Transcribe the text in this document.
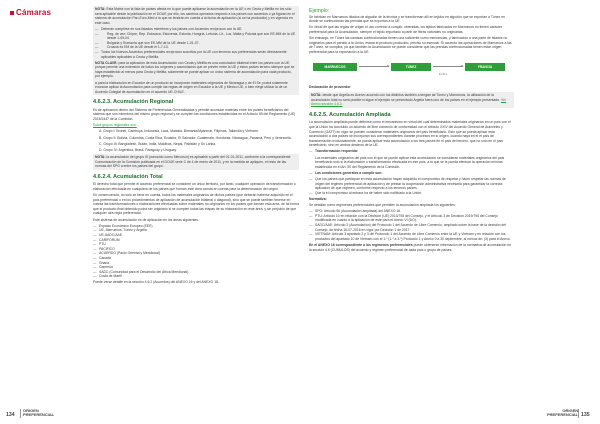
Cámaras	NOTA: Esta Matriz con la lista de países afecta en lo que puede aplicarse la acumulación en la UE o en Ceuta y Melilla en los sólo será aplicable desde la publicación en el DOUE por ello, los cambios operados respecto a los países con acuerdos o ya figuran en el sistema de acumulación Pan-Euro-Med a la que se tendrán en cuenta a la fecha de aplicación (si se ha producido) y en vigencia en este caso.

— Deberán cumplirse en sus listados miembros y los países con Acuerdos recíprocos con la UE.
— Reg. de vez: Chipre, Rep. Eslovaca, Eslovenia, Estonia, Hungría, Letonia, Lit., Lux, Malta y Polonia que son EE.MM de la UE desde 1-05-04.
— Bulgaria y Rumanía que son EE.MM de la UE desde 1-01-07.
— Croacia es EM de la UE desde el 1-7-13.
— Todos los Nuevos Acuerdos preferenciales recíprocos suscritos por la UE con terceros sus preferencias serán directamente aplicables aplicables a Ceuta y Melilla.

NOTA CLAVE: para la aplicación de esta Acumulación con Ceuta y Melilla es una cumulación bilateral entre los países con la UE, porque permite una extensión de todos los orígenes y acumulación que se prevén entre la UE y estos países tercero siempre que se haya establecido al menos para Ceuta y Melilla, solamente se puede aplicar un único sistema de acumulación para cada producto, por ejemplo.

a para la elaboración en Ecuador de un producto se incorporan materiales originarios de Nicaragua y de El Se, podrá solamente enunciar aplicar la Acumulación para cumplir las reglas de origen en Ecuador a la UE y México UE, o bien elegir utilizar la de un Acuerdo Colegial de acumulación en el acuerdo UE-CHILE.

4.6.2.3. Acumulación Regional

Es de aplicación dentro del Sistema de Preferencias Generalizadas y permite acumular materias entre los países beneficiarios del sistema que son miembros del mismo grupo regional y se cumplen las condiciones establecidas en el Artículo 55 del Reglamento (UE) 2015/2447 de la Comisión.

Estos grupos regionales son:

A. Grupo I: Brunei, Camboya, Indonesia, Laos, Malasia, Birmania/Myanmar, Filipinas, Tailandia y Vietnam.

B. Grupo II: Bolivia, Colombia, Costa Rica, Ecuador, El Salvador, Guatemala, Honduras, Nicaragua, Panamá, Perú y Venezuela.

C. Grupo III: Bangladesh, Bután, India, Maldivas, Nepal, Pakistán y Sri Lanka.

D. Grupo IV: Argentina, Brasil, Paraguay y Uruguay.

NOTA: la acumulación del grupo III (conocido como Mercosur) es aplicable a partir del 01-01-2011, conforme a la correspondiente Comunicación de la Comisión publicada en el DOUE serie C de 4 de enero de 2011, y en la medida se apliquen, el resto de las normas del SPG a entre los países del grupo.

4.6.2.4. Acumulación Total

El derecho total que permite el acuerdo preferencial se considere un único territorio, por tanto, cualquier operación de transformación o elaboración efectuada en cualquiera de los países que forman este área consta en cuenta para la determinación del origen.

En consecuencia, no solo se tiene en cuenta, todos los materiales originarios de dichos países (que deberán haberse adquirido en el país preferencial o en los procedimientos de aplicación de acumulación bilateral o diagonal), sino que se puede también tenerse en cuenta las transformaciones o elaboraciones efectuadas sobre materiales no originarios en los países que forman esta área, de tal forma que el producto final obtenido podrá ser originario si se cumplen todas las etapas de su elaboración en este área, y sin perjuicio de que cualquier otra regla preferencial.

Este sistema de acumulación es de aplicación en los áreas siguientes:

— Espacio Económico Europeo (EEE)
— UE, Marruecos, Túnez y Argelia
— UE-SADC/AAE
— CARIFORUM
— PTU
— PACIFICO
— ACUERDO (Pacto Oriental y Meridional)
— Canadá
— Ghana
— Camerún
— SADC (Comunidad para el Desarrollo del África Meridional)
— Costa de Marfil

Puede verse detalle en la sección 4.6.2 (Acuerdos) del ANEXO 16 y del ANEXO 18.

Ejemplo:

Se fabrican en Marruecos hilados de algodón de la técnica y se transforman allí en tejidos en algodón que se exportan a Túnez en donde se confeccionan las prendas que se exportan a la UE.

En virtud de que las reglas de origen el uso correcto a cumplir: obtenidas, los tejidos fabricados en Marruecos no tienen carácter preferencial para la Acumulación, siempre el tejido importado a partir de fibras naturales no originarias.

Sin embargo, en Túnez las camisas confeccionadas tienen una suficiente como mercancías, y fabricación a una parte de hilados no originarios para el partido a la Unión, estará el producto producido, preciso su esencial. Si acuerdo las operaciones de Marruecos a las de Túnez, se cumplirá, ya que también la Acumulación se puede considerar que las prendas confeccionadas tienen estar origen preferencial para la exportación a la UE.

MARRUECOS	TÚNEZ	FRANCIA
E-UR.1

Declaración de proveedor

NOTA: desde que Argelia es Acervo acuerdo con los distintos también a tengan tal Túnez y Marruecos, la utilización de la acumulación total no será posible si sigue el ejemplo se presentado Argelia fuera uno de los países en el ejemplo presentado. Ver Anexo sección 4.6.3.

4.6.2.5. Acumulación Ampliada

La acumulación ampliada puede definirse como el mecanismo en virtud del cual determinados materiales originarios en un país con el que la Unión ha concluido un acuerdo de libre comercio de conformidad con el artículo XXIV del Acuerdo General de Aranceles y Comercio (GATT) en vigor se pueden considerar materiales originarios del país beneficiario. Esto que se pueda aplicar esta acumulación a dos países se incorporan sus correspondientes durante procesos en sí origen, cuando haya en el el país de transformación exclusivamente, se pueda aplicar esta acumulación a los tres países en el país del tercero, que no solo en el país beneficiario, sino en ambos destinos de la UE.

— Transformación requerida:

Los materiales originarios del país con el que se puede aplicar esta acumulación se consideran materiales originarios del país beneficiario solo si la elaboración o transformación efectuada en ese país, a la que se le pueda efectuar la operación mínima establecida en el Art. 50 del Reglamento de la Comisión.

— Las condiciones generales a cumplir son:
— Que los países que participan en esta acumulación hayan adquirido el compromiso de respetar y hacer respetar las normas de origen del régimen preferencial de aplicación y de prestar la cooperación administrativa necesaria para garantizar la correcta aplicación de que régimen, conforme respecto a los terceros países.
— Que la el compromiso al entrara ha de haber sido notificado a la Unión.

Normativa:

Se detallan como regímenes preferenciales que permiten la acumulación ampliada los siguientes:

— SPG: Artículo 56 (Acumulación ampliada) del ANEXO 16.
— PTU: Artículo 10 en relación con la Decisión (UE) 2013/755 del Consejo, y el Artículo 3 de Decisión 2019/796 del Consejo modificada en cuanto a la aplicación de este para el Anexo VI (DO).
— SADC/AAE: Artículo 3 (Acumulación) del Protocolo 1 del Acuerdo de Libre Comercio, ampliado sobre la base de la decisión del Consejo, de fecha 16-07-2016 en vigor por Decisión 1 de 2017.
— VIETNAM: Artículo 3 apartado 2 y 3 del Protocolo 1 del Acuerdo de Libre Comercio entre la UE y Vietnam y en relación con los productos del apartado 10 de Vietnam con el 1.º (1.º a 3.º) Protocolo 1 y Anexo 9 a 30 septiembre, al menos de: (3) para el Anexo.

En el ANEXO 16 correspondiente a los regímenes preferenciales puede obtenerse información de la normativa de acumulación en la sección 4.6 (CUMULOS) del acuerdo y régimen preferencial de cada país o grupo de países.

134
ORIGEN
PREFERENCIAL
ORIGEN
PREFERENCIAL 135
